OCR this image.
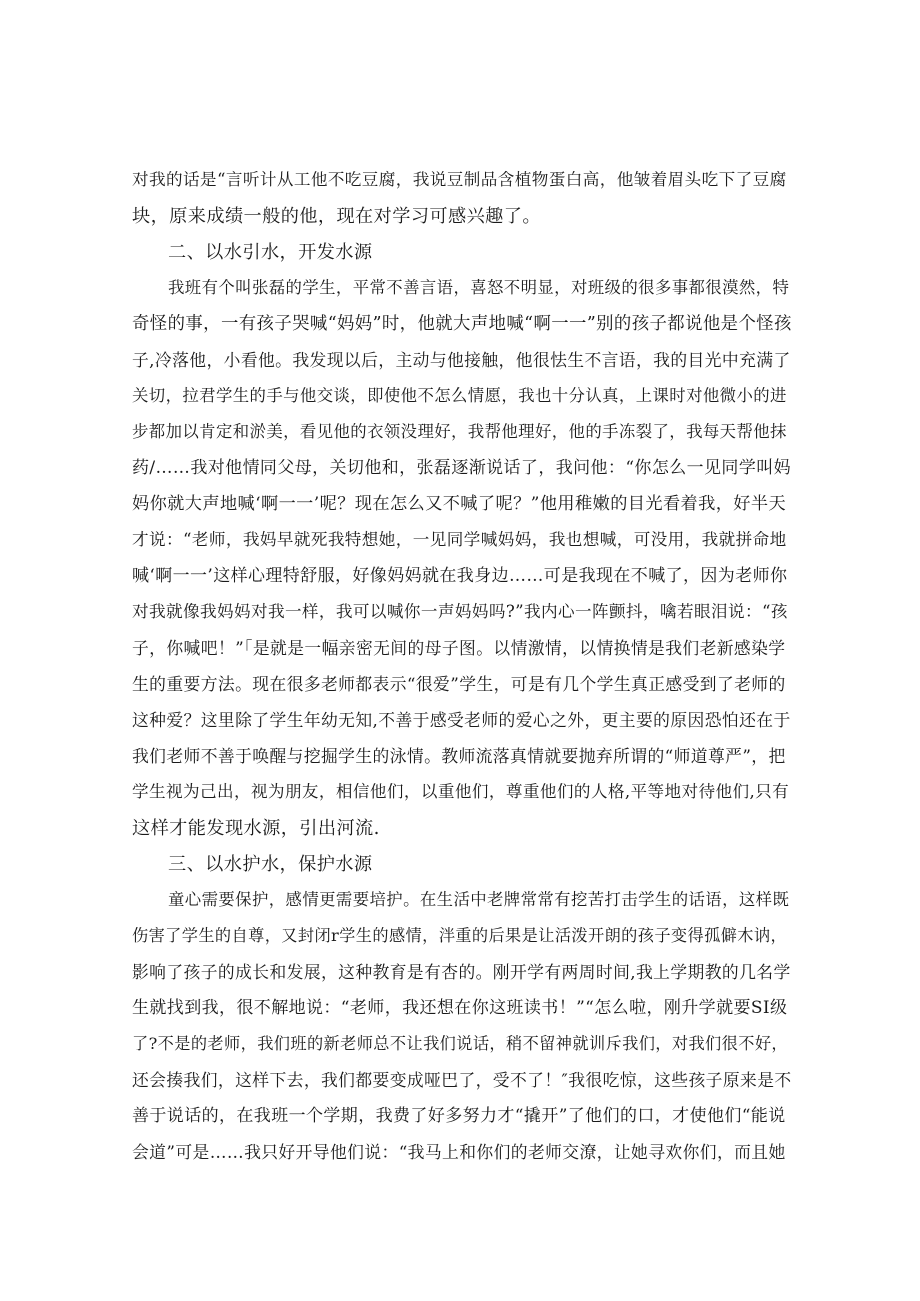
对我的话是“言听计从工他不吃豆腐，我说豆制品含植物蛋白高，他皱着眉头吃下了豆腐
块，原来成绩一般的他，现在对学习可感兴趣了。
二、以水引水，开发水源
我班有个叫张磊的学生，平常不善言语，喜怒不明显，对班级的很多事都很漠然，特
奇怪的事，一有孩子哭喊“妈妈”时，他就大声地喊“啊一一”别的孩子都说他是个怪孩
子,冷落他，小看他。我发现以后，主动与他接触，他很怯生不言语，我的目光中充满了
关切，拉君学生的手与他交谈，即使他不怎么情愿，我也十分认真，上课时对他微小的进
步都加以肯定和淤美，看见他的衣领没理好，我帮他理好，他的手冻裂了，我每天帮他抹
药/……我对他情同父母，关切他和，张磊逐渐说话了，我问他：“你怎么一见同学叫妈
妈你就大声地喊‘啊一一’呢？现在怎么又不喊了呢？”他用稚嫩的目光看着我，好半天
才说：“老师，我妈早就死我特想她，一见同学喊妈妈，我也想喊，可没用，我就拼命地
喊‘啊一一’这样心理特舒服，好像妈妈就在我身边……可是我现在不喊了，因为老师你
对我就像我妈妈对我一样，我可以喊你一声妈妈吗?”我内心一阵颤抖，噙若眼泪说：“孩
子，你喊吧！”「是就是一幅亲密无间的母子图。以情激情，以情换情是我们老新感染学
生的重要方法。现在很多老师都表示“很爱”学生，可是有几个学生真正感受到了老师的
这种爱？这里除了学生年幼无知,不善于感受老师的爱心之外，更主要的原因恐怕还在于
我们老师不善于唤醒与挖掘学生的泳情。教师流落真情就要抛弃所谓的“师道尊严”，把
学生视为己出，视为朋友，相信他们，以重他们，尊重他们的人格,平等地对待他们,只有
这样才能发现水源，引出河流.
三、以水护水，保护水源
童心需要保护，感情更需要培护。在生活中老牌常常有挖苦打击学生的话语，这样既
伤害了学生的自尊，又封闭r学生的感情，泮重的后果是让活泼开朗的孩子变得孤僻木讷，
影响了孩子的成长和发展，这种教育是有杏的。刚开学有两周时间,我上学期教的几名学
生就找到我，很不解地说：“老师，我还想在你这班读书！”“怎么啦，刚升学就要SI级
了?不是的老师，我们班的新老师总不让我们说话，稍不留神就训斥我们，对我们很不好，
还会揍我们，这样下去，我们都要变成哑巴了，受不了！″我很吃惊，这些孩子原来是不
善于说话的，在我班一个学期，我费了好多努力才“撬开”了他们的口，才使他们“能说
会道”可是……我只好开导他们说：“我马上和你们的老师交潦，让她寻欢你们，而且她
